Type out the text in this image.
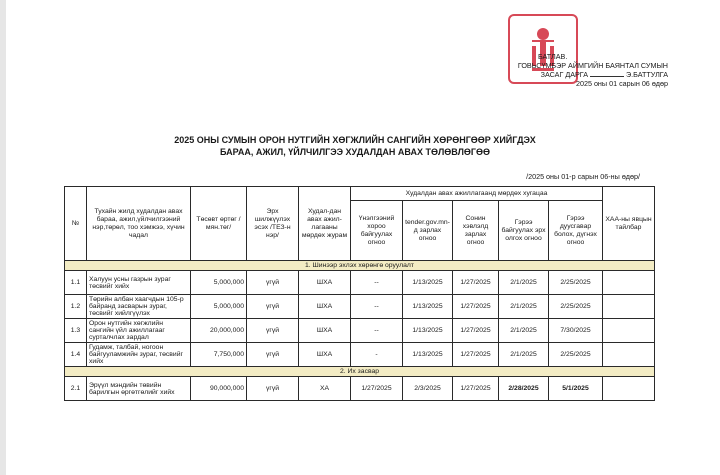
БАТЛАВ.
ГОВЬСҮМБЭР АЙМГИЙН БАЯНТАЛ СУМЫН
ЗАСАГ ДАРГА	Э.БАТТУЛГА
2025 оны 01 сарын 06 өдөр
2025 ОНЫ СУМЫН ОРОН НУТГИЙН ХӨГЖЛИЙН САНГИЙН ХӨРӨНГӨӨР ХИЙГДЭХ
БАРАА, АЖИЛ, ҮЙЛЧИЛГЭЭ ХУДАЛДАН АВАХ ТӨЛӨВЛӨГӨӨ
/2025 оны 01-р сарын 06-ны өдөр/
№	Тухайн жилд худалдан авах бараа, ажил,үйлчилгээний нэр,төрөл, тоо хэмжээ, хүчин чадал	Төсөвт өртөг /мян.төг/	Эрх шилжүүлэх эсэх /ТЕЗ-н нэр/	Худал-дан авах ажил-лагааны мөрдөх журам	Худалдан авах ажиллагаанд мөрдөх хугацаа					ХАА-ны явцын тайлбар
					Үнэлгээний хороо байгуулах огноо	tender.gov.mn-д зарлах огноо	Сонин хэвлэлд зарлах огноо	Гэрээ байгуулах эрх олгох огноо	Гэрээ дуусгавар болох, дүгнэх огноо	
1. Шинээр эхлэх хөрөнгө оруулалт										
1.1	Халуун усны газрын зураг төсвийг хийх	5,000,000	үгүй	ШХА	--	1/13/2025	1/27/2025	2/1/2025	2/25/2025	
1.2	Төрийн албан хаагчдын 105-р байранд засварын зураг, төсвийг хийлгүүлэх	5,000,000	үгүй	ШХА	--	1/13/2025	1/27/2025	2/1/2025	2/25/2025	
1.3	Орон нутгийн хөгжлийн сангийн үйл ажиллагааг сурталчлах зардал	20,000,000	үгүй	ШХА	--	1/13/2025	1/27/2025	2/1/2025	7/30/2025	
1.4	Гудамж, талбай, ногоон байгууламжийн зураг, төсвийг хийх	7,750,000	үгүй	ШХА	-	1/13/2025	1/27/2025	2/1/2025	2/25/2025	
2. Их засвар										
2.1	Эрүүл мэндийн төвийн барилгын өргөтгөлийг хийх	90,000,000	үгүй	ХА	1/27/2025	2/3/2025	1/27/2025	2/28/2025	5/1/2025	
